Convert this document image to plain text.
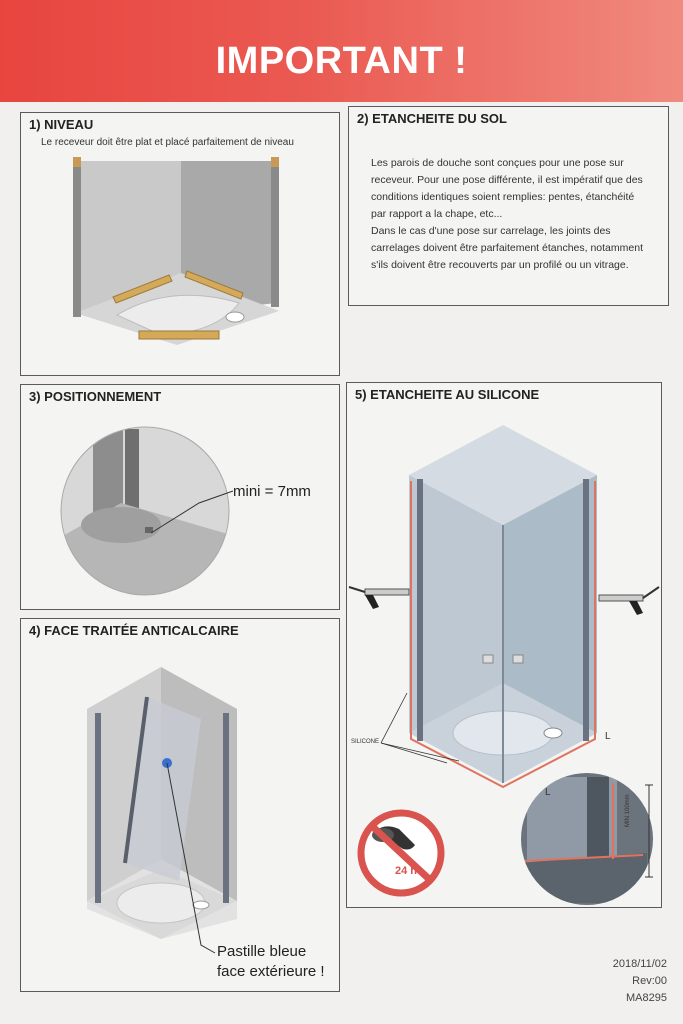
IMPORTANT !
1) NIVEAU
Le receveur doit être plat et placé parfaitement de niveau
2) ETANCHEITE DU SOL

Les parois de douche sont conçues pour une pose sur receveur. Pour une pose différente, il est impératif que des conditions identiques soient remplies: pentes, étanchéité par rapport a la chape, etc...

Dans le cas d'une pose sur carrelage, les joints des carrelages doivent être parfaitement étanches, notamment s'ils doivent être recouverts par un profilé ou un vitrage.

3) POSITIONNEMENT
mini = 7mm
4) FACE TRAITÉE ANTICALCAIRE
Pastille bleue
face extérieure !
5) ETANCHEITE AU SILICONE
SILICONE	L
L
MIN 100mm
24 h
2018/11/02
Rev:00
MA8295
